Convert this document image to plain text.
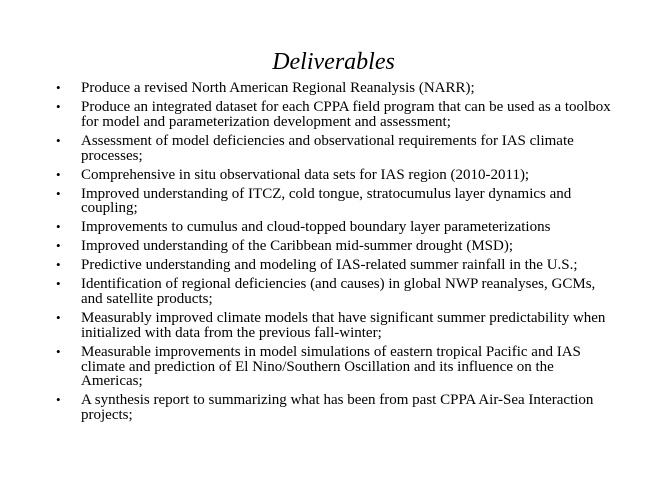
Deliverables
• Produce a revised North American Regional Reanalysis (NARR);
• Produce an integrated dataset for each CPPA field program that can be used as a toolbox for model and parameterization development and assessment;
• Assessment of model deficiencies and observational requirements for IAS climate processes;
• Comprehensive in situ observational data sets for IAS region (2010-2011);
• Improved understanding of ITCZ, cold tongue, stratocumulus layer dynamics and coupling;
• Improvements to cumulus and cloud-topped boundary layer parameterizations
• Improved understanding of the Caribbean mid-summer drought (MSD);
• Predictive understanding and modeling of IAS-related summer rainfall in the U.S.;
• Identification of regional deficiencies (and causes) in global NWP reanalyses, GCMs, and satellite products;
• Measurably improved climate models that have significant summer predictability when initialized with data from the previous fall-winter;
• Measurable improvements in model simulations of eastern tropical Pacific and IAS climate and prediction of El Nino/Southern Oscillation and its influence on the Americas;
• A synthesis report to summarizing what has been from past CPPA Air-Sea Interaction projects;
